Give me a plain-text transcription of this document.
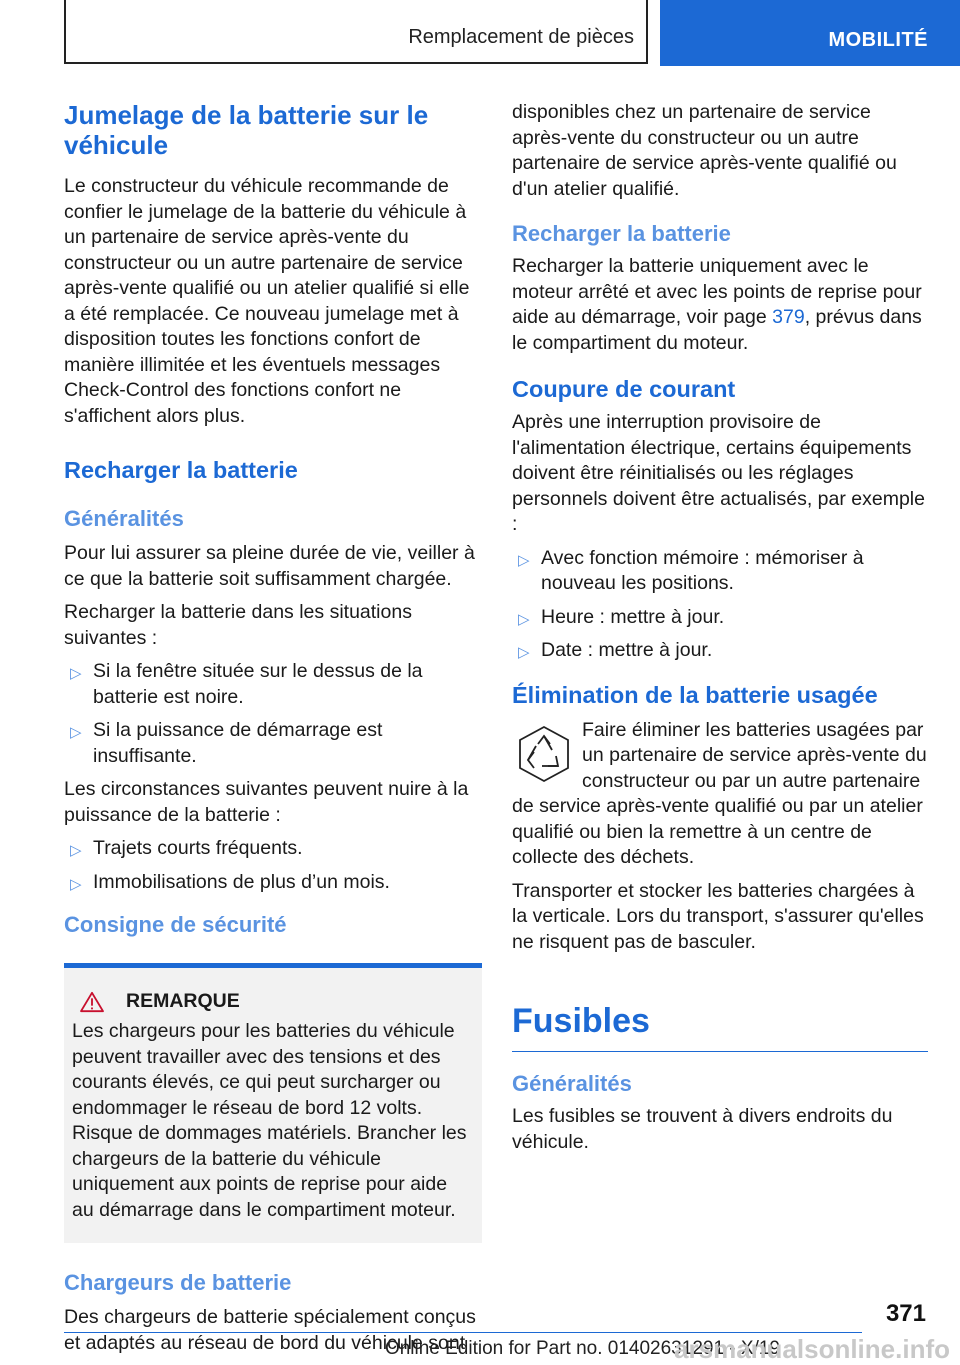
Remplacement de pièces	MOBILITÉ
Jumelage de la batterie sur le véhicule

Le constructeur du véhicule recommande de confier le jumelage de la batterie du véhicule à un partenaire de service après-vente du constructeur ou un autre partenaire de service après-vente qualifié ou un atelier qualifié si elle a été remplacée. Ce nouveau jumelage met à disposition toutes les fonctions confort de manière illimitée et les éventuels messages Check-Control des fonctions confort ne s'affichent alors plus.

Recharger la batterie
Généralités

Pour lui assurer sa pleine durée de vie, veiller à ce que la batterie soit suffisamment chargée.

Recharger la batterie dans les situations suivantes :

▷ Si la fenêtre située sur le dessus de la batterie est noire.
▷ Si la puissance de démarrage est insuffisante.

Les circonstances suivantes peuvent nuire à la puissance de la batterie :

▷ Trajets courts fréquents.
▷ Immobilisations de plus d’un mois.
Consigne de sécurité
REMARQUE

Les chargeurs pour les batteries du véhicule peuvent travailler avec des tensions et des courants élevés, ce qui peut surcharger ou endommager le réseau de bord 12 volts. Risque de dommages matériels. Brancher les chargeurs de la batterie du véhicule uniquement aux points de reprise pour aide au démarrage dans le compartiment moteur.

Chargeurs de batterie

Des chargeurs de batterie spécialement conçus et adaptés au réseau de bord du véhicule sont

disponibles chez un partenaire de service après-vente du constructeur ou un autre partenaire de service après-vente qualifié ou d'un atelier qualifié.

Recharger la batterie

Recharger la batterie uniquement avec le moteur arrêté et avec les points de reprise pour aide au démarrage, voir page 379, prévus dans le compartiment du moteur.

Coupure de courant

Après une interruption provisoire de l'alimentation électrique, certains équipements doivent être réinitialisés ou les réglages personnels doivent être actualisés, par exemple :

▷ Avec fonction mémoire : mémoriser à nouveau les positions.
▷ Heure : mettre à jour.
▷ Date : mettre à jour.
Élimination de la batterie usagée

Faire éliminer les batteries usagées par un partenaire de service après-vente du constructeur ou par un autre partenaire de service après-vente qualifié ou par un atelier qualifié ou bien la remettre à un centre de collecte des déchets.

Transporter et stocker les batteries chargées à la verticale. Lors du transport, s'assurer qu'elles ne risquent pas de basculer.

Fusibles
Généralités

Les fusibles se trouvent à divers endroits du véhicule.

371
Online Edition for Part no. 01402631291 - X/19
arsmanualsonline.info
